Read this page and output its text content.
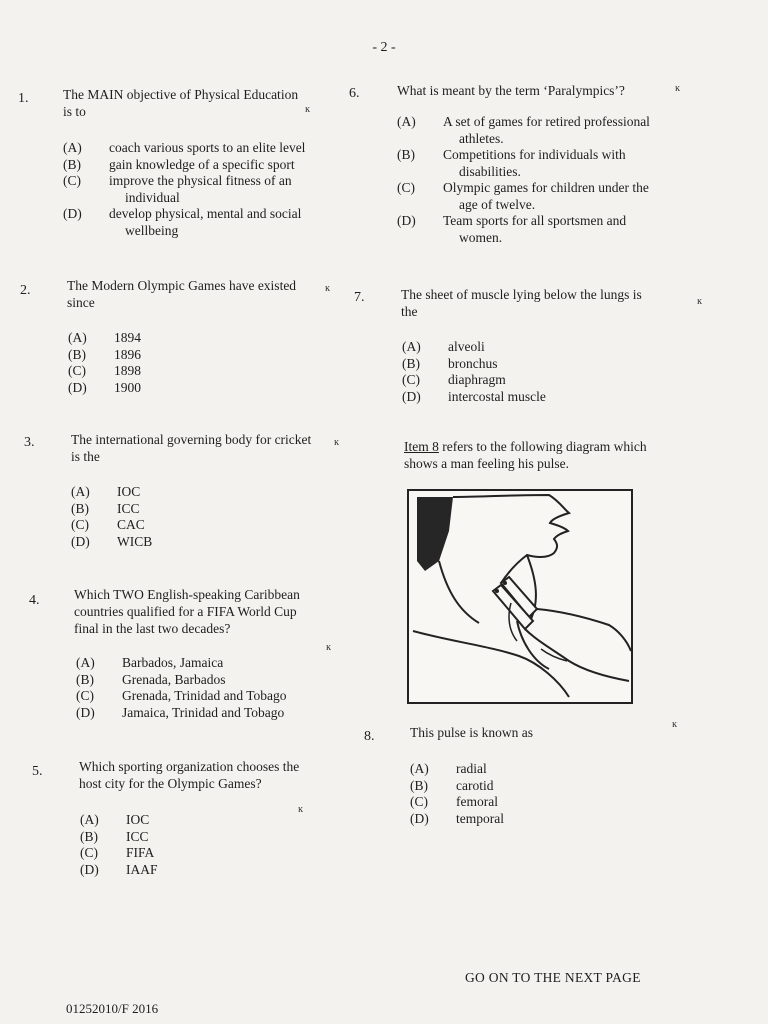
- 2 -
1.	The MAIN objective of Physical Education
is to
(A)	coach various sports to an elite level
(B)	gain knowledge of a specific sport
(C)	improve the physical fitness of an
individual
(D)	develop physical, mental and social
wellbeing
2.	The Modern Olympic Games have existed
since
(A)	1894
(B)	1896
(C)	1898
(D)	1900
3.	The international governing body for cricket
is the
(A)	IOC
(B)	ICC
(C)	CAC
(D)	WICB
4.	Which TWO English-speaking Caribbean
countries qualified for a FIFA World Cup
final in the last two decades?
(A)	Barbados, Jamaica
(B)	Grenada, Barbados
(C)	Grenada, Trinidad and Tobago
(D)	Jamaica, Trinidad and Tobago
5.	Which sporting organization chooses the
host city for the Olympic Games?
(A)	IOC
(B)	ICC
(C)	FIFA
(D)	IAAF
6.	What is meant by the term ‘Paralympics’?
(A)	A set of games for retired professional
athletes.
(B)	Competitions for individuals with
disabilities.
(C)	Olympic games for children under the
age of twelve.
(D)	Team sports for all sportsmen and
women.
7.	The sheet of muscle lying below the lungs is
the
(A)	alveoli
(B)	bronchus
(C)	diaphragm
(D)	intercostal muscle
Item 8 refers to the following diagram which
shows a man feeling his pulse.
8.	This pulse is known as
(A)	radial
(B)	carotid
(C)	femoral
(D)	temporal
GO ON TO THE NEXT PAGE
01252010/F 2016
ĸ
ĸ
ĸ
ĸ
ĸ
ĸ
ĸ
ĸ
